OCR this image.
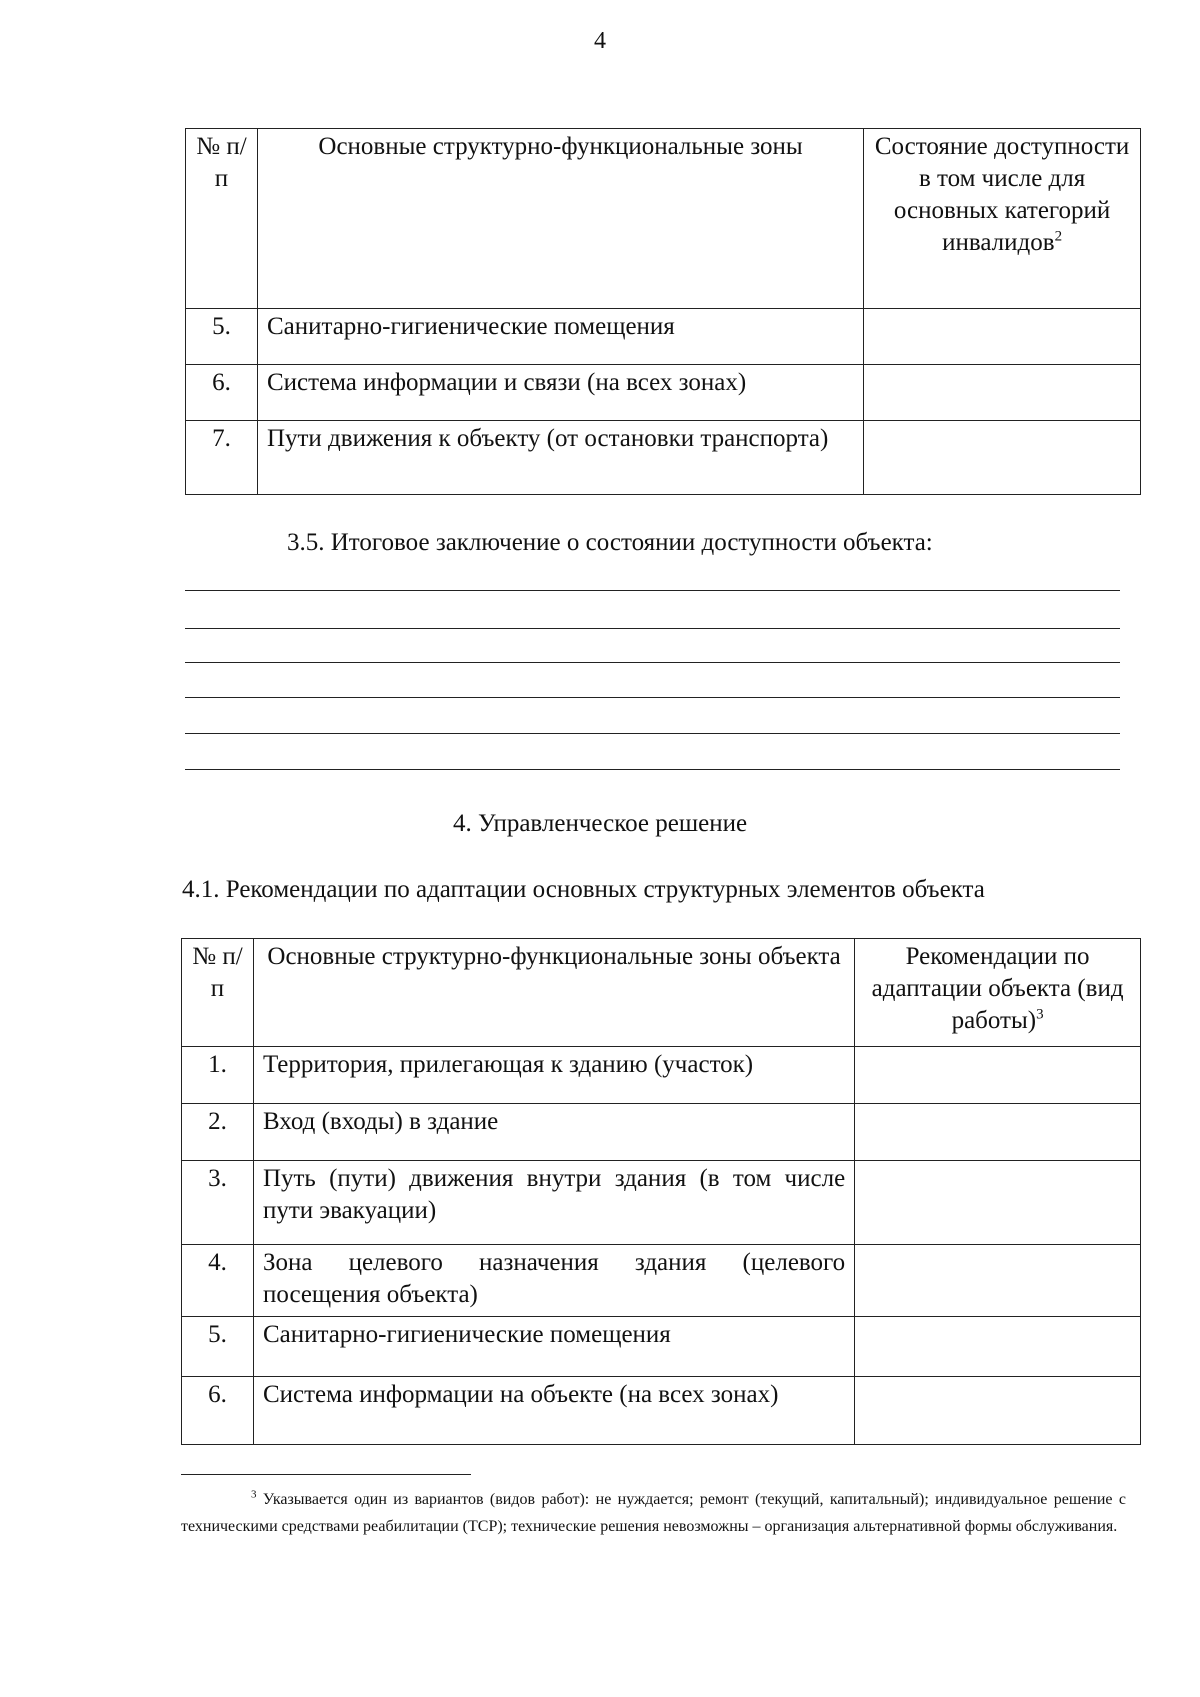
4
№ п/п	Основные структурно-функциональные зоны	Состояние доступности в том числе для основных категорий инвалидов$^2$
5.	Санитарно-гигиенические помещения	
6.	Система информации и связи (на всех зонах)	
7.	Пути движения к объекту (от остановки транспорта)	
3.5. Итоговое заключение о состоянии доступности объекта:
4. Управленческое решение
4.1. Рекомендации по адаптации основных структурных элементов объекта
№ п/п	Основные структурно-функциональные зоны объекта	Рекомендации по адаптации объекта (вид работы)$^3$
1.	Территория, прилегающая к зданию (участок)	
2.	Вход (входы) в здание	
3.	Путь (пути) движения внутри здания (в том числе пути эвакуации)	
4.	Зона целевого назначения здания (целевого посещения объекта)	
5.	Санитарно-гигиенические помещения	
6.	Система информации на объекте (на всех зонах)	
$^3$ Указывается один из вариантов (видов работ): не нуждается; ремонт (текущий, капитальный); индивидуальное решение с техническими средствами реабилитации (ТСР); технические решения невозможны – организация альтернативной формы обслуживания.
